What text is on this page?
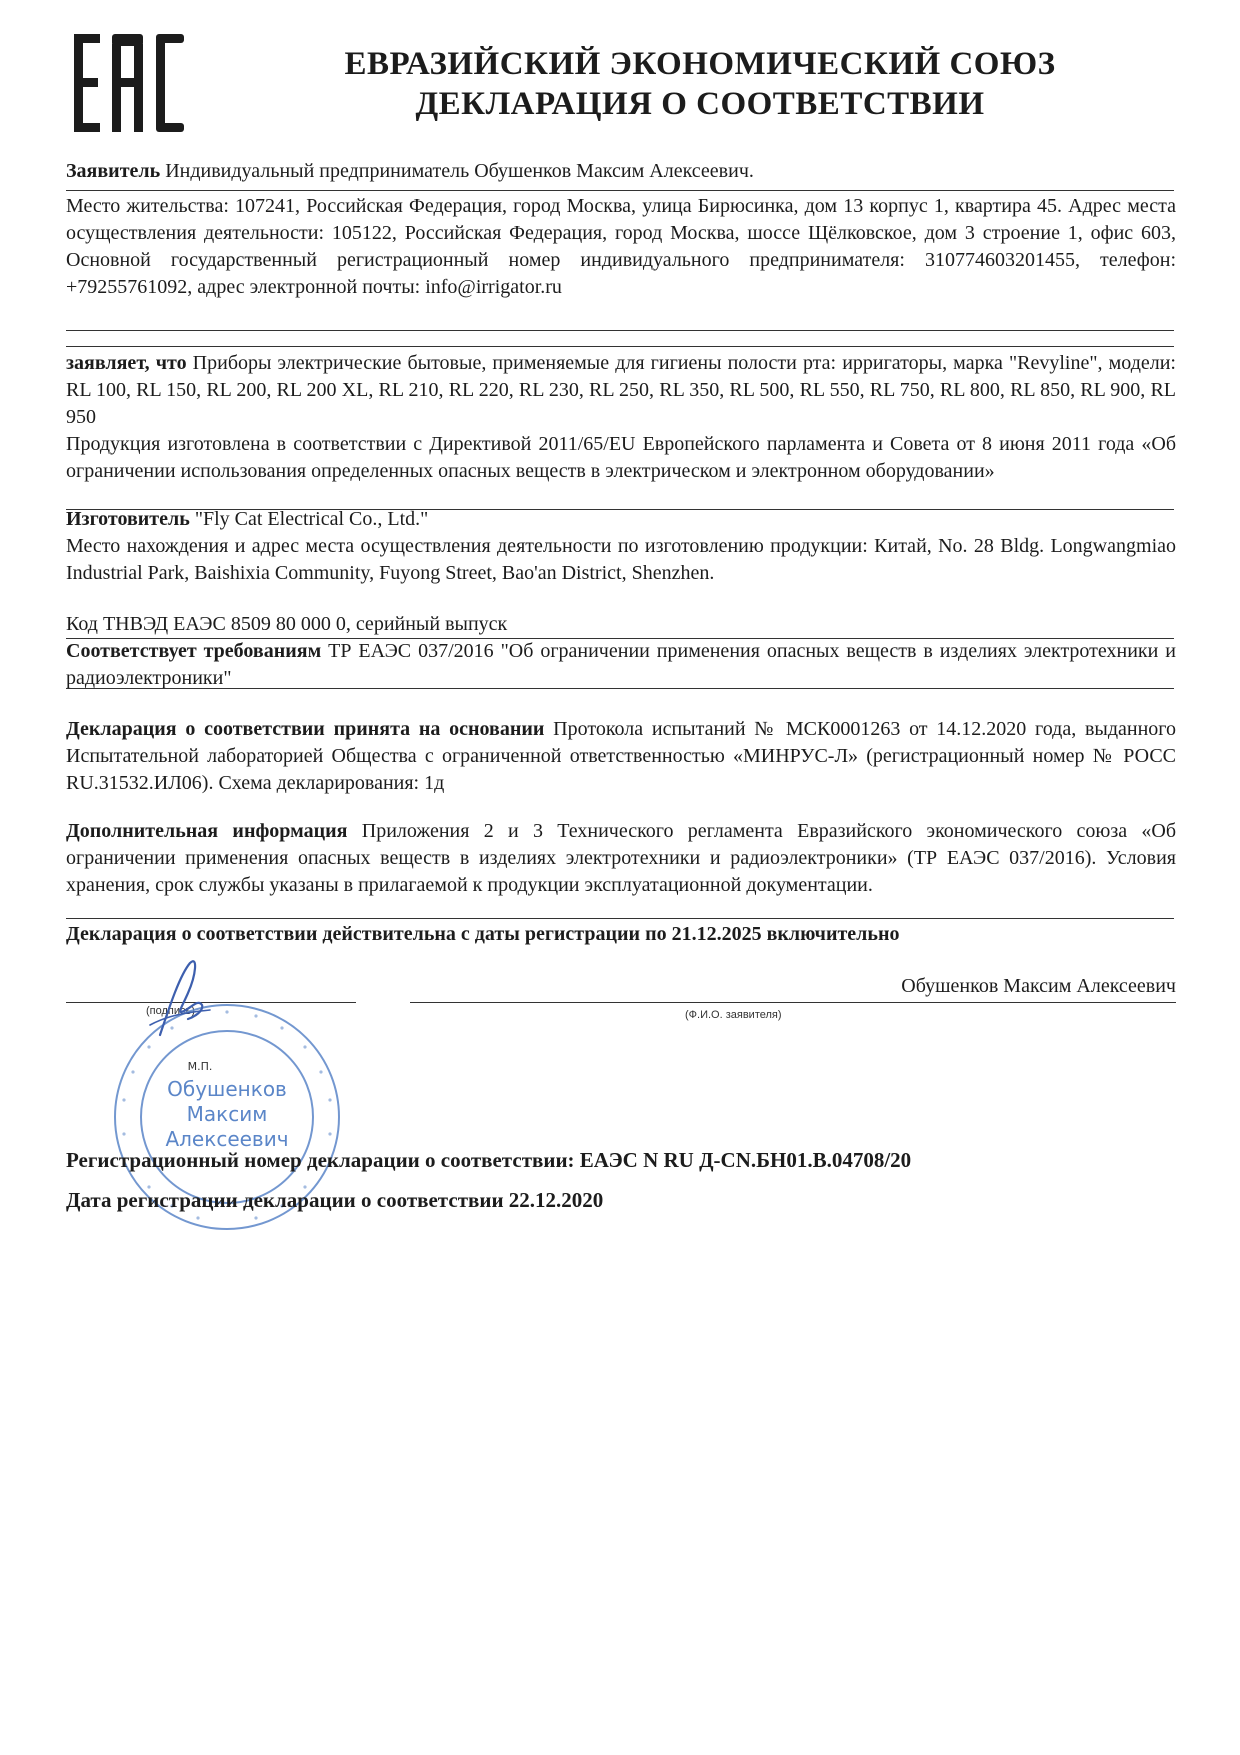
ЕВРАЗИЙСКИЙ ЭКОНОМИЧЕСКИЙ СОЮЗ
ДЕКЛАРАЦИЯ О СООТВЕТСТВИИ

Заявитель Индивидуальный предприниматель Обушенков Максим Алексеевич.

Место жительства: 107241, Российская Федерация, город Москва, улица Бирюсинка, дом 13 корпус 1, квартира 45. Адрес места осуществления деятельности: 105122, Российская Федерация, город Москва, шоссе Щёлковское, дом 3 строение 1, офис 603, Основной государственный регистрационный номер индивидуального предпринимателя: 310774603201455, телефон: +79255761092, адрес электронной почты: info@irrigator.ru

заявляет, что Приборы электрические бытовые, применяемые для гигиены полости рта: ирригаторы, марка "Revyline", модели: RL 100, RL 150, RL 200, RL 200 XL, RL 210, RL 220, RL 230, RL 250, RL 350, RL 500, RL 550, RL 750, RL 800, RL 850, RL 900, RL 950

Продукция изготовлена в соответствии с Директивой 2011/65/EU Европейского парламента и Совета от 8 июня 2011 года «Об ограничении использования определенных опасных веществ в электрическом и электронном оборудовании»

Изготовитель "Fly Cat Electrical Co., Ltd."

Место нахождения и адрес места осуществления деятельности по изготовлению продукции: Китай, No. 28 Bldg. Longwangmiao Industrial Park, Baishixia Community, Fuyong Street, Bao'an District, Shenzhen.

Код ТНВЭД ЕАЭС 8509 80 000 0, серийный выпуск

Соответствует требованиям ТР ЕАЭС 037/2016 "Об ограничении применения опасных веществ в изделиях электротехники и радиоэлектроники"

Декларация о соответствии принята на основании Протокола испытаний № МСК0001263 от 14.12.2020 года, выданного Испытательной лабораторией Общества с ограниченной ответственностью «МИНРУС-Л» (регистрационный номер № РОСС RU.31532.ИЛ06). Схема декларирования: 1д

Дополнительная информация Приложения 2 и 3 Технического регламента Евразийского экономического союза «Об ограничении применения опасных веществ в изделиях электротехники и радиоэлектроники» (ТР ЕАЭС 037/2016). Условия хранения, срок службы указаны в прилагаемой к продукции эксплуатационной документации.

Декларация о соответствии действительна с даты регистрации по 21.12.2025 включительно

(подпись)
Обушенков Максим Алексеевич
(Ф.И.О. заявителя)
Обушенков
Максим
Алексеевич
М.П.
Регистрационный номер декларации о соответствии: ЕАЭС N RU Д-CN.БН01.В.04708/20
Дата регистрации декларации о соответствии 22.12.2020
